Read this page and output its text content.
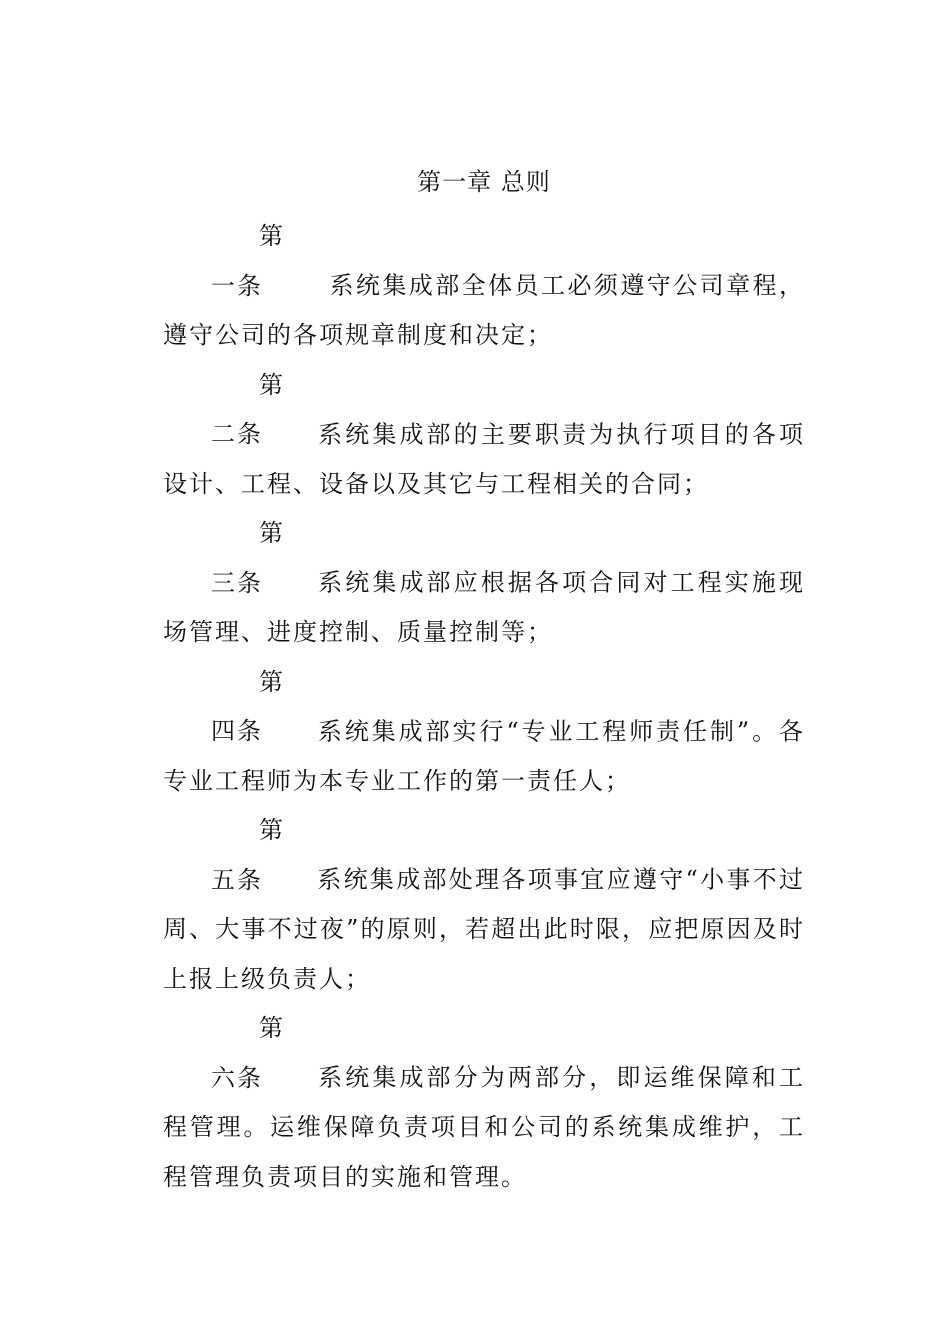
第一章 总则

第一条	系统集成部全体员工必须遵守公司章程，遵守公司的各项规章制度和决定；

第二条 系统集成部的主要职责为执行项目的各项设计、工程、设备以及其它与工程相关的合同；

第三条 系统集成部应根据各项合同对工程实施现场管理、进度控制、质量控制等；

第四条 系统集成部实行“专业工程师责任制”。各专业工程师为本专业工作的第一责任人；

第五条 系统集成部处理各项事宜应遵守“小事不过周、大事不过夜”的原则，若超出此时限，应把原因及时上报上级负责人；

第六条 系统集成部分为两部分，即运维保障和工程管理。运维保障负责项目和公司的系统集成维护，工程管理负责项目的实施和管理。
